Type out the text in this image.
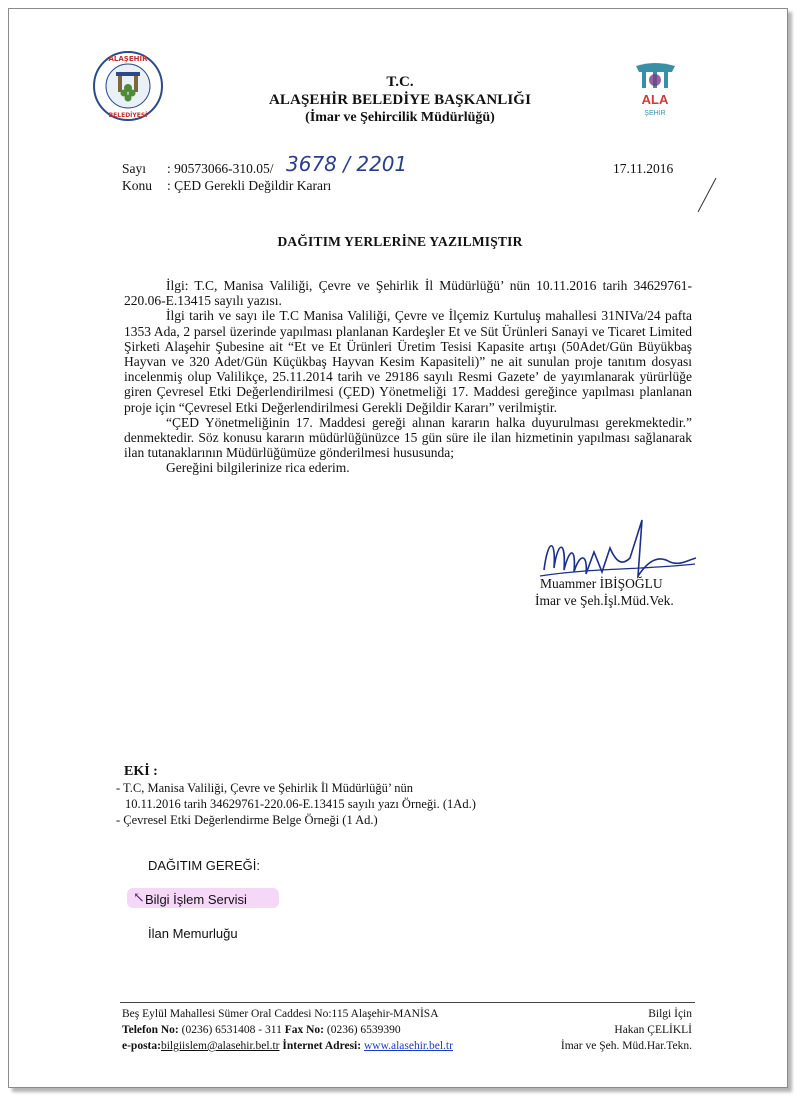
ALAŞEHİR
BELEDİYESİ
ALA
ŞEHİR
T.C.
ALAŞEHİR BELEDİYE BAŞKANLIĞI
(İmar ve Şehircilik Müdürlüğü)
Sayı : 90573066-310.05/ 3678 / 2201
Konu : ÇED Gerekli Değildir Kararı
17.11.2016
DAĞITIM YERLERİNE YAZILMIŞTIR

İlgi: T.C, Manisa Valiliği, Çevre ve Şehirlik İl Müdürlüğü’ nün 10.11.2016 tarih 34629761-220.06-E.13415 sayılı yazısı.

İlgi tarih ve sayı ile T.C Manisa Valiliği, Çevre ve İlçemiz Kurtuluş mahallesi 31NIVa/24 pafta 1353 Ada, 2 parsel üzerinde yapılması planlanan Kardeşler Et ve Süt Ürünleri Sanayi ve Ticaret Limited Şirketi Alaşehir Şubesine ait “Et ve Et Ürünleri Üretim Tesisi Kapasite artışı (50Adet/Gün Büyükbaş Hayvan ve 320 Adet/Gün Küçükbaş Hayvan Kesim Kapasiteli)” ne ait sunulan proje tanıtım dosyası incelenmiş olup Valilikçe, 25.11.2014 tarih ve 29186 sayılı Resmi Gazete’ de yayımlanarak yürürlüğe giren Çevresel Etki Değerlendirilmesi (ÇED) Yönetmeliği 17. Maddesi gereğince yapılması planlanan proje için “Çevresel Etki Değerlendirilmesi Gerekli Değildir Kararı” verilmiştir.

“ÇED Yönetmeliğinin 17. Maddesi gereği alınan kararın halka duyurulması gerekmektedir.” denmektedir. Söz konusu kararın müdürlüğünüzce 15 gün süre ile ilan hizmetinin yapılması sağlanarak ilan tutanaklarının Müdürlüğümüze gönderilmesi hususunda;

Gereğini bilgilerinize rica ederim.

Muammer İBİŞOĞLU
İmar ve Şeh.İşl.Müd.Vek.
EKİ :
- T.C, Manisa Valiliği, Çevre ve Şehirlik İl Müdürlüğü’ nün
10.11.2016 tarih 34629761-220.06-E.13415 sayılı yazı Örneği. (1Ad.)
- Çevresel Etki Değerlendirme Belge Örneği (1 Ad.)
DAĞITIM GEREĞİ:
↖ Bilgi İşlem Servisi
İlan Memurluğu
Beş Eylül Mahallesi Sümer Oral Caddesi No:115 Alaşehir-MANİSA
Telefon No: (0236) 6531408 - 311 Fax No: (0236) 6539390
e-posta:bilgiislem@alasehir.bel.tr İnternet Adresi: www.alasehir.bel.tr
Bilgi İçin
Hakan ÇELİKLİ
İmar ve Şeh. Müd.Har.Tekn.
